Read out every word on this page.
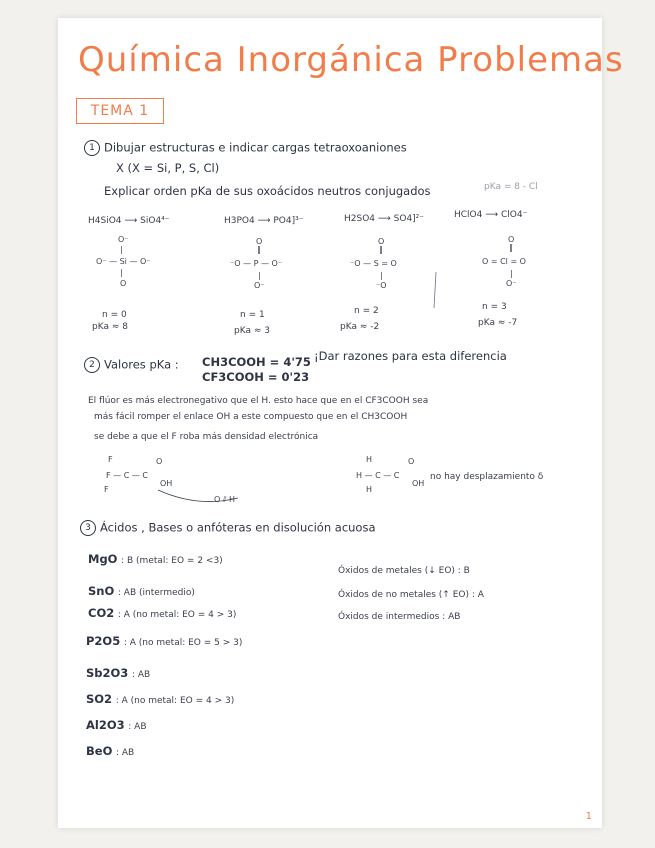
Química Inorgánica Problemas
TEMA 1
1 Dibujar estructuras e indicar cargas tetraoxoaniones
X (X = Si, P, S, Cl)
Explicar orden pKa de sus oxoácidos neutros conjugados	pKa = 8 - Cl
H4SiO4 ⟶ SiO4⁴⁻	H3PO4 ⟶ PO4]³⁻	H2SO4 ⟶ SO4]²⁻	HClO4 ⟶ ClO4⁻
O⁻
|
O⁻ — Si — O⁻
|
O
O
‖
⁻O — P — O⁻
|
O⁻
O
‖
⁻O — S = O
|
⁻O
O
‖
O = Cl = O
|
O⁻
n = 0	n = 1	n = 2	n = 3
pKa ≈ 8	pKa ≈ 3	pKa ≈ -2	pKa ≈ -7
2 Valores pKa : CH3COOH = 4'75
CF3COOH = 0'23
¡Dar razones para esta diferencia
El flúor es más electronegativo que el H. esto hace que en el CF3COOH sea
más fácil romper el enlace OH a este compuesto que en el CH3COOH
se debe a que el F roba más densidad electrónica
F
F — C — C
O
OH
F
H
H — C — C
O
OH
H
O ⫽ H
no hay desplazamiento δ
3 Ácidos , Bases o anfóteras en disolución acuosa
MgO : B (metal: EO = 2 <3)
SnO : AB (intermedio)
CO2 : A (no metal: EO = 4 > 3)
P2O5 : A (no metal: EO = 5 > 3)
Sb2O3 : AB
SO2 : A (no metal: EO = 4 > 3)
Al2O3 : AB
BeO : AB
Óxidos de metales (↓ EO) : B
Óxidos de no metales (↑ EO) : A
Óxidos de intermedios : AB
1
